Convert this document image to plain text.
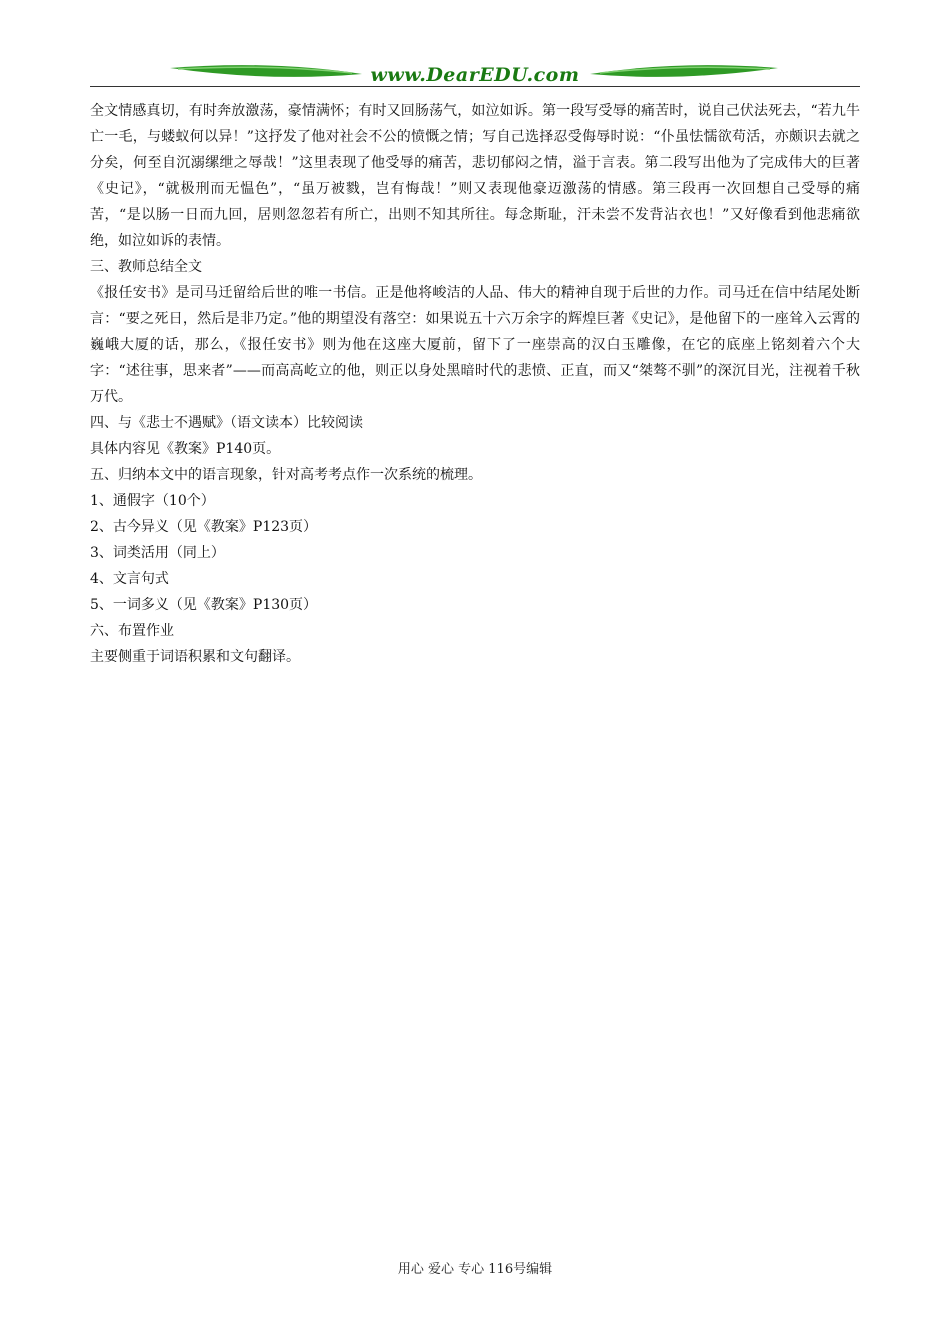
www.DearEDU.com

全文情感真切，有时奔放激荡，豪情满怀；有时又回肠荡气，如泣如诉。第一段写受辱的痛苦时，说自己伏法死去，“若九牛亡一毛，与蝼蚁何以异！”这抒发了他对社会不公的愤慨之情；写自己选择忍受侮辱时说：“仆虽怯懦欲苟活，亦颇识去就之分矣，何至自沉溺缧绁之辱哉！”这里表现了他受辱的痛苦，悲切郁闷之情，溢于言表。第二段写出他为了完成伟大的巨著《史记》，“就极刑而无愠色”，“虽万被戮，岂有悔哉！”则又表现他豪迈激荡的情感。第三段再一次回想自己受辱的痛苦，“是以肠一日而九回，居则忽忽若有所亡，出则不知其所往。每念斯耻，汗未尝不发背沾衣也！”又好像看到他悲痛欲绝，如泣如诉的表情。

三、教师总结全文

《报任安书》是司马迁留给后世的唯一书信。正是他将峻洁的人品、伟大的精神自现于后世的力作。司马迁在信中结尾处断言：“要之死日，然后是非乃定。”他的期望没有落空：如果说五十六万余字的辉煌巨著《史记》，是他留下的一座耸入云霄的巍峨大厦的话，那么，《报任安书》则为他在这座大厦前，留下了一座崇高的汉白玉雕像，在它的底座上铭刻着六个大字：“述往事，思来者”——而高高屹立的他，则正以身处黑暗时代的悲愤、正直，而又“桀骜不驯”的深沉目光，注视着千秋万代。

四、与《悲士不遇赋》（语文读本）比较阅读

具体内容见《教案》P140页。

五、归纳本文中的语言现象，针对高考考点作一次系统的梳理。

1、通假字（10个）

2、古今异义（见《教案》P123页）

3、词类活用（同上）

4、文言句式

5、一词多义（见《教案》P130页）

六、布置作业

主要侧重于词语积累和文句翻译。

用心 爱心 专心 116号编辑
